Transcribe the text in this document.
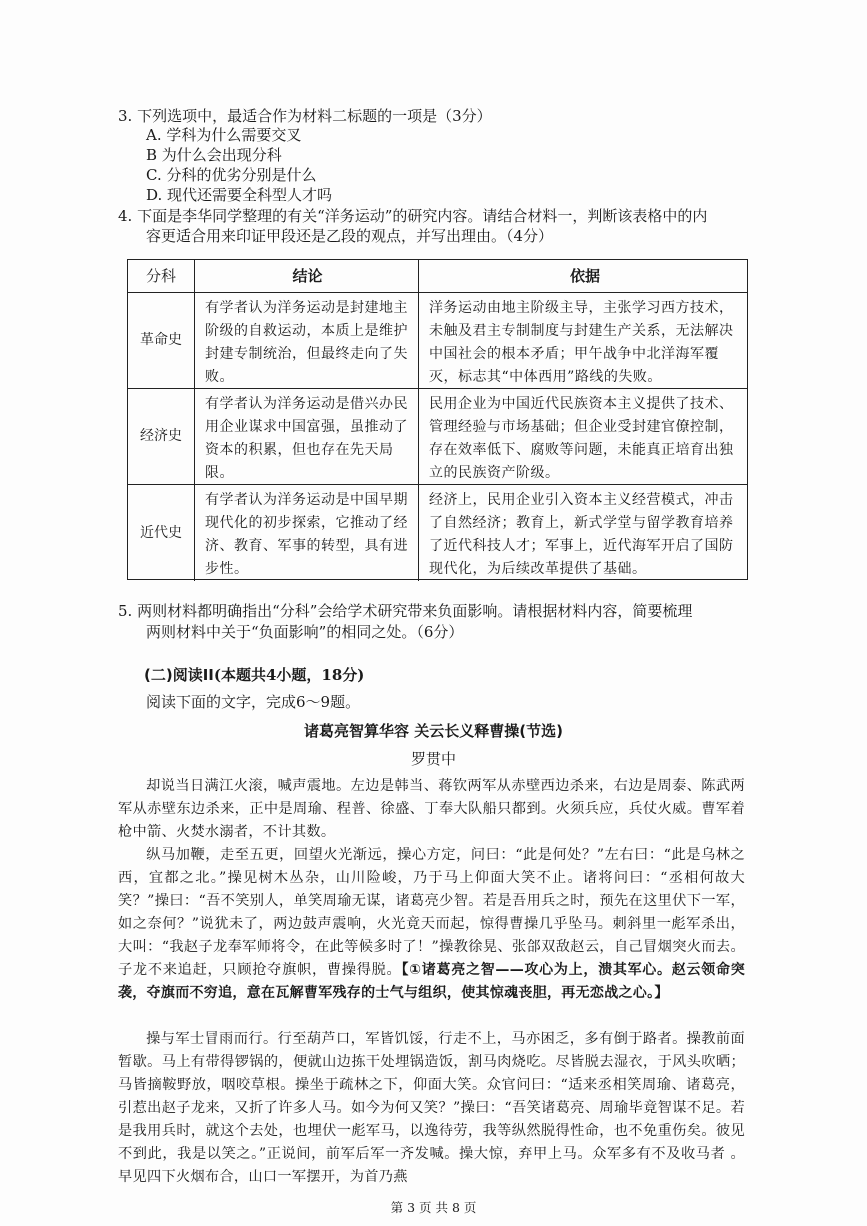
3. 下列选项中，最适合作为材料二标题的一项是（3分）
A. 学科为什么需要交叉
B 为什么会出现分科
C. 分科的优劣分别是什么
D. 现代还需要全科型人才吗
4. 下面是李华同学整理的有关“洋务运动”的研究内容。请结合材料一，判断该表格中的内
容更适合用来印证甲段还是乙段的观点，并写出理由。（4分）
分科	结论	依据
革命史
有学者认为洋务运动是封建地主阶级的自救运动，本质上是维护封建专制统治，但最终走向了失败。
洋务运动由地主阶级主导，主张学习西方技术，未触及君主专制制度与封建生产关系，无法解决中国社会的根本矛盾；甲午战争中北洋海军覆灭，标志其“中体西用”路线的失败。
经济史
有学者认为洋务运动是借兴办民用企业谋求中国富强，虽推动了资本的积累，但也存在先天局限。
民用企业为中国近代民族资本主义提供了技术、管理经验与市场基础；但企业受封建官僚控制，存在效率低下、腐败等问题，未能真正培育出独立的民族资产阶级。
近代史
有学者认为洋务运动是中国早期现代化的初步探索，它推动了经济、教育、军事的转型，具有进步性。
经济上，民用企业引入资本主义经营模式，冲击了自然经济；教育上，新式学堂与留学教育培养了近代科技人才；军事上，近代海军开启了国防现代化，为后续改革提供了基础。
5. 两则材料都明确指出“分科”会给学术研究带来负面影响。请根据材料内容，简要梳理
两则材料中关于“负面影响”的相同之处。（6分）
(二)阅读II(本题共4小题，18分)
阅读下面的文字，完成6～9题。
诸葛亮智算华容 关云长义释曹操(节选)
罗贯中
却说当日满江火滚，喊声震地。左边是韩当、蒋钦两军从赤壁西边杀来，右边是周泰、陈武两军从赤壁东边杀来，正中是周瑜、程普、徐盛、丁奉大队船只都到。火须兵应，兵仗火威。曹军着枪中箭、火焚水溺者，不计其数。
纵马加鞭，走至五更，回望火光渐远，操心方定，问曰：“此是何处？”左右曰：“此是乌林之西，宜都之北。”操见树木丛杂，山川险峻，乃于马上仰面大笑不止。诸将问曰：“丞相何故大笑？”操曰：“吾不笑别人，单笑周瑜无谋，诸葛亮少智。若是吾用兵之时，预先在这里伏下一军，如之奈何？”说犹未了，两边鼓声震响，火光竟天而起，惊得曹操几乎坠马。刺斜里一彪军杀出，大叫：“我赵子龙奉军师将令，在此等候多时了！”操教徐晃、张郃双敌赵云，自己冒烟突火而去。子龙不来追赶，只顾抢夺旗帜，曹操得脱。【①诸葛亮之智——攻心为上，溃其军心。赵云领命突袭，夺旗而不穷追，意在瓦解曹军残存的士气与组织，使其惊魂丧胆，再无恋战之心。】
操与军士冒雨而行。行至葫芦口，军皆饥馁，行走不上，马亦困乏，多有倒于路者。操教前面暂歇。马上有带得锣锅的，便就山边拣干处埋锅造饭，割马肉烧吃。尽皆脱去湿衣，于风头吹晒；马皆摘鞍野放，咽咬草根。操坐于疏林之下，仰面大笑。众官问曰：“适来丞相笑周瑜、诸葛亮，引惹出赵子龙来，又折了许多人马。如今为何又笑？”操曰：“吾笑诸葛亮、周瑜毕竟智谋不足。若是我用兵时，就这个去处，也埋伏一彪军马，以逸待劳，我等纵然脱得性命，也不免重伤矣。彼见不到此，我是以笑之。”正说间，前军后军一齐发喊。操大惊，弃甲上马。众军多有不及收马者 。早见四下火烟布合，山口一军摆开，为首乃燕
第 3 页 共 8 页
